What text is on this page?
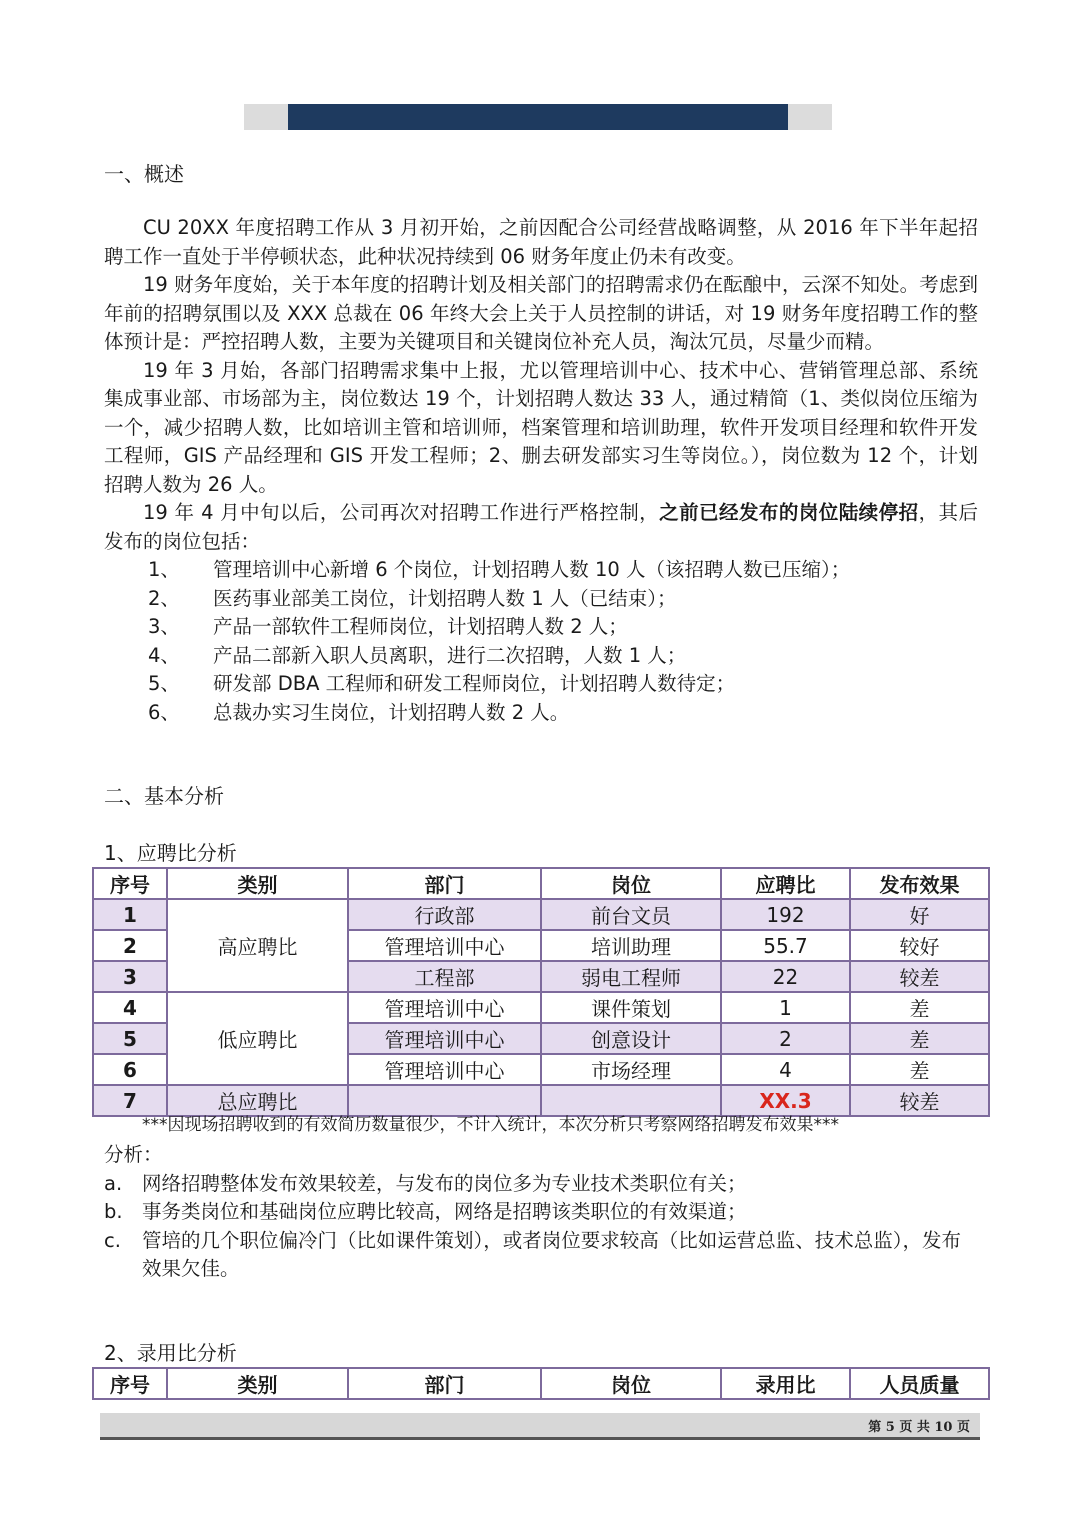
一、概述

CU 20XX 年度招聘工作从 3 月初开始，之前因配合公司经营战略调整，从 2016 年下半年起招聘工作一直处于半停顿状态，此种状况持续到 06 财务年度止仍未有改变。

19 财务年度始，关于本年度的招聘计划及相关部门的招聘需求仍在酝酿中，云深不知处。考虑到年前的招聘氛围以及 XXX 总裁在 06 年终大会上关于人员控制的讲话，对 19 财务年度招聘工作的整体预计是：严控招聘人数，主要为关键项目和关键岗位补充人员，淘汰冗员，尽量少而精。

19 年 3 月始，各部门招聘需求集中上报，尤以管理培训中心、技术中心、营销管理总部、系统集成事业部、市场部为主，岗位数达 19 个，计划招聘人数达 33 人，通过精简（1、类似岗位压缩为一个，减少招聘人数，比如培训主管和培训师，档案管理和培训助理，软件开发项目经理和软件开发工程师，GIS 产品经理和 GIS 开发工程师；2、删去研发部实习生等岗位。），岗位数为 12 个，计划招聘人数为 26 人。

19 年 4 月中旬以后，公司再次对招聘工作进行严格控制，之前已经发布的岗位陆续停招，其后发布的岗位包括：

1、 管理培训中心新增 6 个岗位，计划招聘人数 10 人（该招聘人数已压缩）；
2、 医药事业部美工岗位，计划招聘人数 1 人（已结束）；
3、 产品一部软件工程师岗位，计划招聘人数 2 人；
4、 产品二部新入职人员离职，进行二次招聘，人数 1 人；
5、 研发部 DBA 工程师和研发工程师岗位，计划招聘人数待定；
6、 总裁办实习生岗位，计划招聘人数 2 人。
二、基本分析
1、应聘比分析
序号	类别	部门	岗位	应聘比	发布效果
1	高应聘比	行政部	前台文员	192	好
2		管理培训中心	培训助理	55.7	较好
3		工程部	弱电工程师	22	较差
4	低应聘比	管理培训中心	课件策划	1	差
5		管理培训中心	创意设计	2	差
6		管理培训中心	市场经理	4	差
7	总应聘比			XX.3	较差
***因现场招聘收到的有效简历数量很少，不计入统计，本次分析只考察网络招聘发布效果***

分析：

a. 网络招聘整体发布效果较差，与发布的岗位多为专业技术类职位有关；
b. 事务类岗位和基础岗位应聘比较高，网络是招聘该类职位的有效渠道；
c. 管培的几个职位偏冷门（比如课件策划），或者岗位要求较高（比如运营总监、技术总监），发布效果欠佳。
2、录用比分析
序号	类别	部门	岗位	录用比	人员质量
第 5 页 共 10 页
